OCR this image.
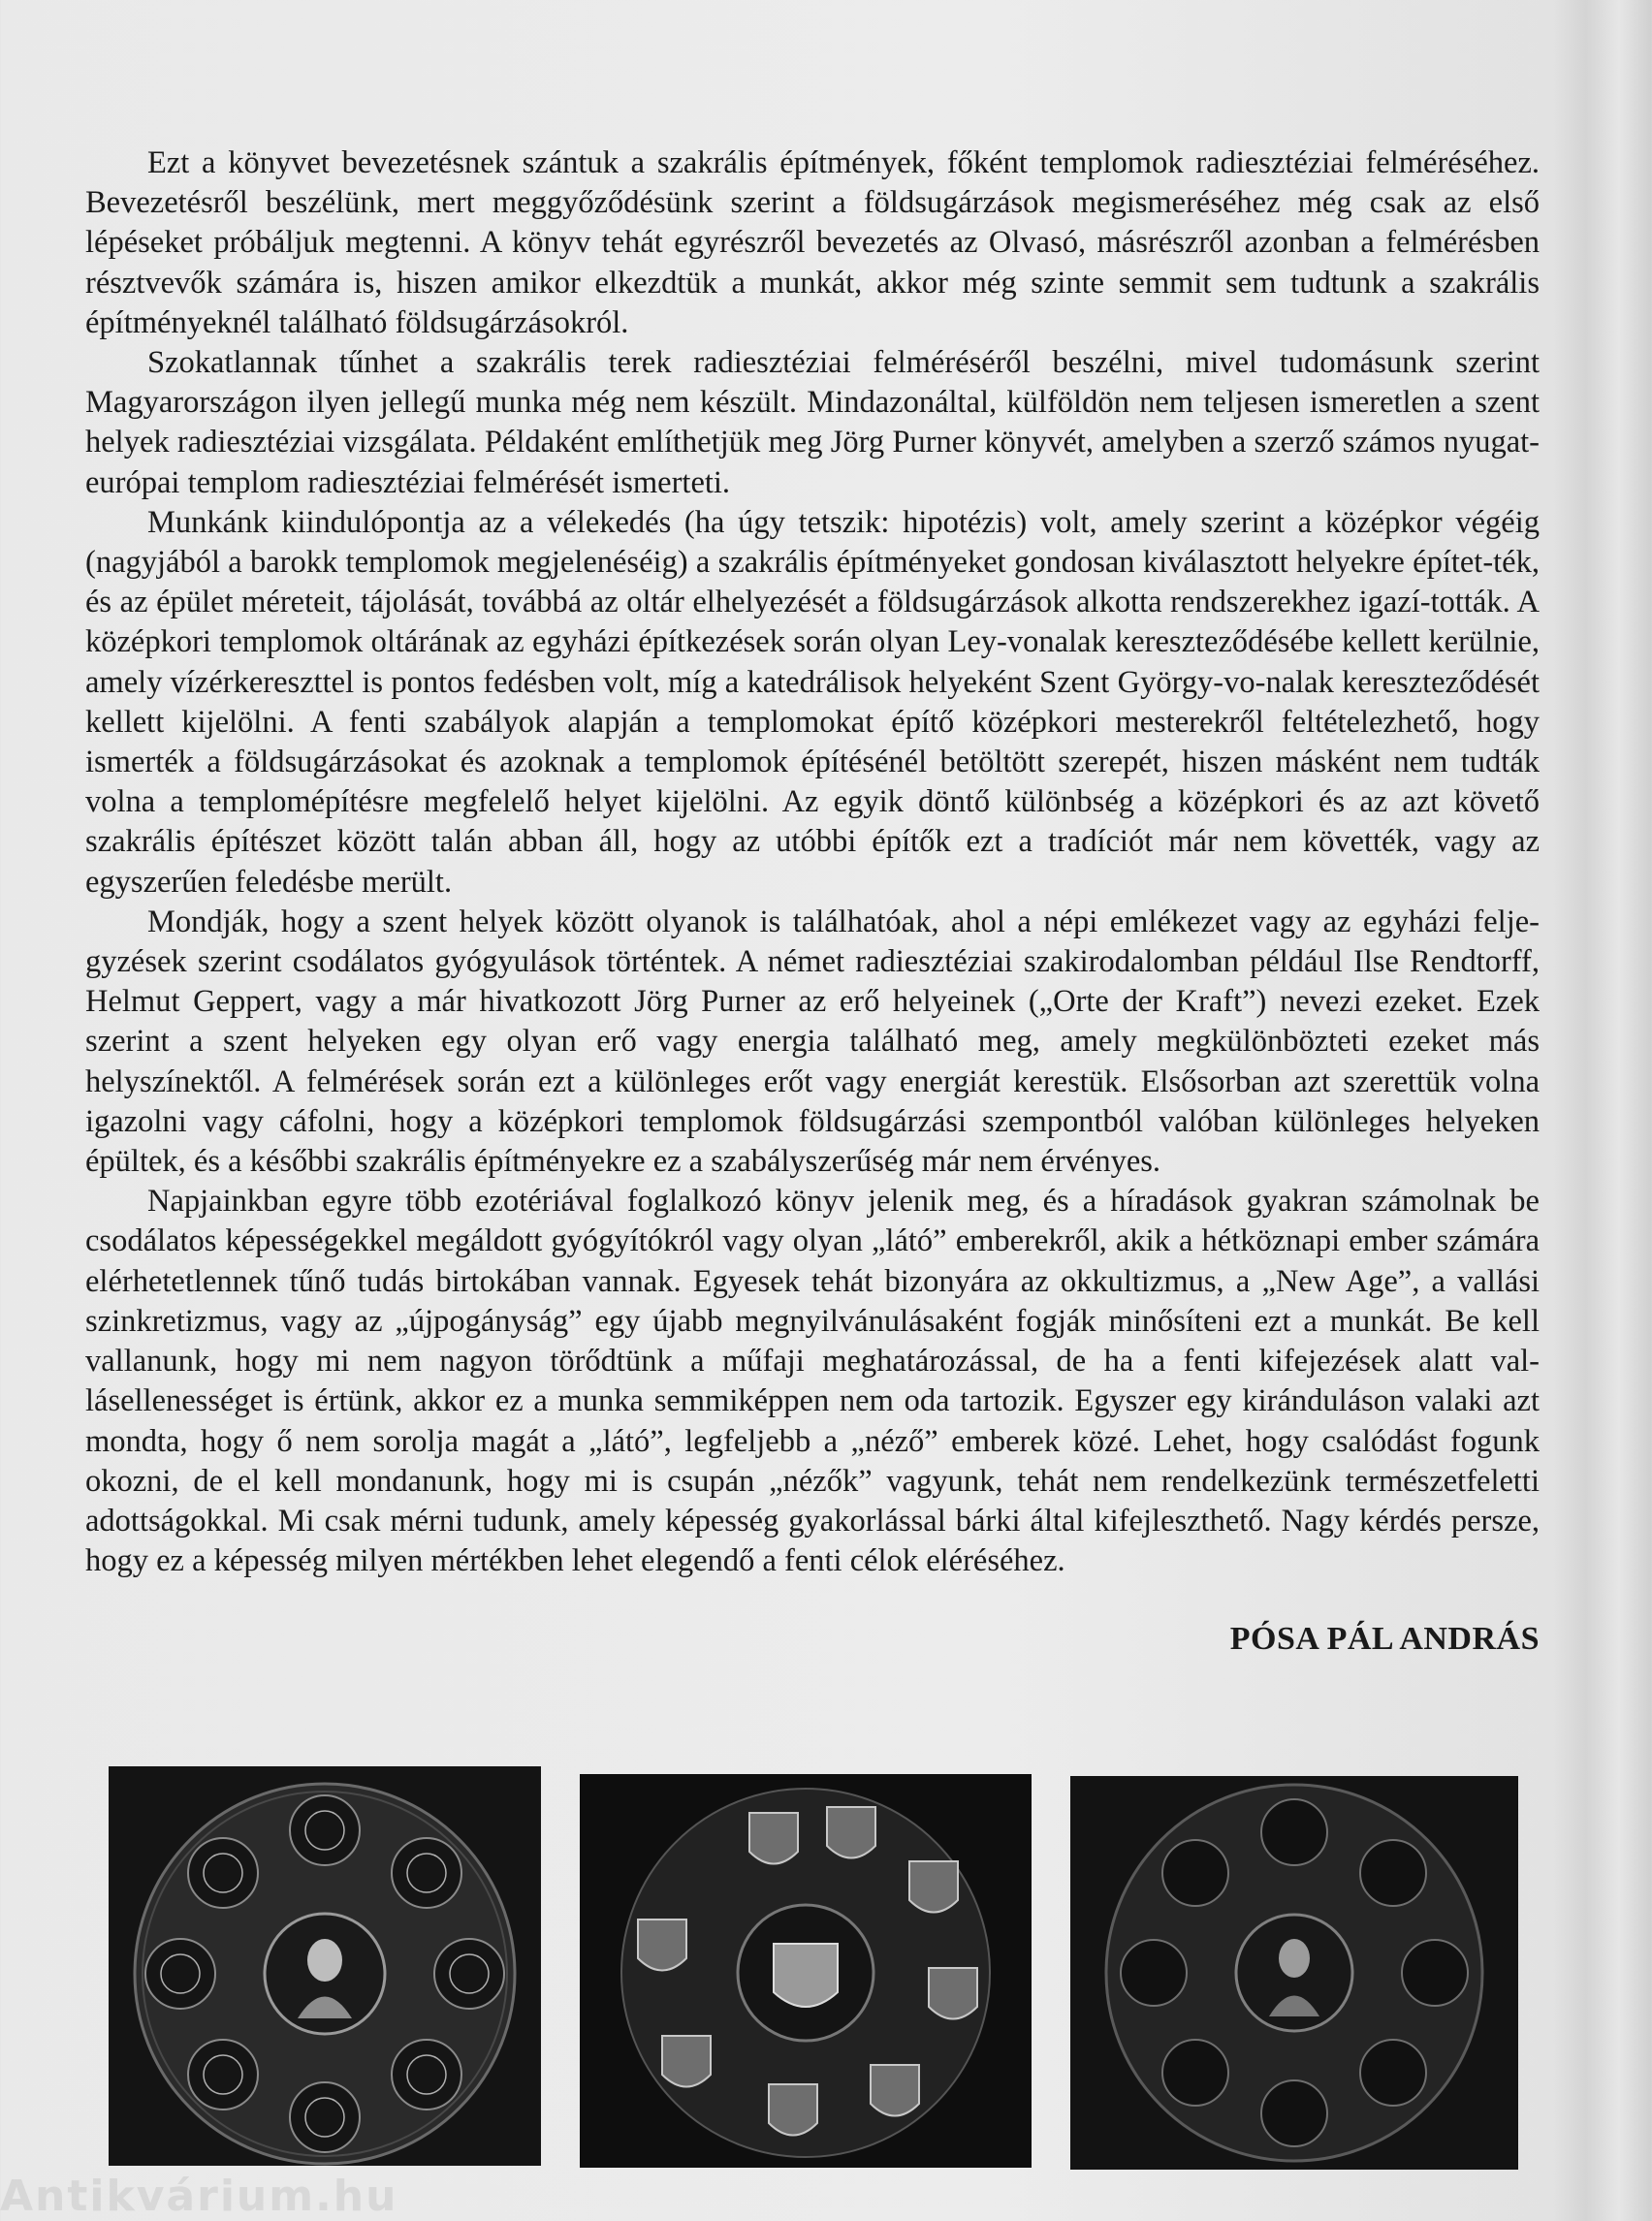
Ezt a könyvet bevezetésnek szántuk a szakrális építmények, főként templomok radiesztéziai felméréséhez. Bevezetésről beszélünk, mert meggyőződésünk szerint a földsugárzások megismeréséhez még csak az első lépéseket próbáljuk megtenni. A könyv tehát egyrészről bevezetés az Olvasó, másrészről azonban a felmérésben résztvevők számára is, hiszen amikor elkezdtük a munkát, akkor még szinte semmit sem tudtunk a szakrális építményeknél található földsugárzásokról.

Szokatlannak tűnhet a szakrális terek radiesztéziai felméréséről beszélni, mivel tudomásunk szerint Magyarországon ilyen jellegű munka még nem készült. Mindazonáltal, külföldön nem teljesen ismeretlen a szent helyek radiesztéziai vizsgálata. Példaként említhetjük meg Jörg Purner könyvét, amelyben a szerző számos nyugat-európai templom radiesztéziai felmérését ismerteti.

Munkánk kiindulópontja az a vélekedés (ha úgy tetszik: hipotézis) volt, amely szerint a középkor végéig (nagyjából a barokk templomok megjelenéséig) a szakrális építményeket gondosan kiválasztott helyekre építet-ték, és az épület méreteit, tájolását, továbbá az oltár elhelyezését a földsugárzások alkotta rendszerekhez igazí-tották. A középkori templomok oltárának az egyházi építkezések során olyan Ley-vonalak kereszteződésébe kellett kerülnie, amely vízérkereszttel is pontos fedésben volt, míg a katedrálisok helyeként Szent György-vo-nalak kereszteződését kellett kijelölni. A fenti szabályok alapján a templomokat építő középkori mesterekről feltételezhető, hogy ismerték a földsugárzásokat és azoknak a templomok építésénél betöltött szerepét, hiszen másként nem tudták volna a templomépítésre megfelelő helyet kijelölni. Az egyik döntő különbség a középkori és az azt követő szakrális építészet között talán abban áll, hogy az utóbbi építők ezt a tradíciót már nem követték, vagy az egyszerűen feledésbe merült.

Mondják, hogy a szent helyek között olyanok is találhatóak, ahol a népi emlékezet vagy az egyházi felje-gyzések szerint csodálatos gyógyulások történtek. A német radiesztéziai szakirodalomban például Ilse Rendtorff, Helmut Geppert, vagy a már hivatkozott Jörg Purner az erő helyeinek („Orte der Kraft”) nevezi ezeket. Ezek szerint a szent helyeken egy olyan erő vagy energia található meg, amely megkülönbözteti ezeket más helyszínektől. A felmérések során ezt a különleges erőt vagy energiát kerestük. Elsősorban azt szerettük volna igazolni vagy cáfolni, hogy a középkori templomok földsugárzási szempontból valóban különleges helyeken épültek, és a későbbi szakrális építményekre ez a szabályszerűség már nem érvényes.

Napjainkban egyre több ezotériával foglalkozó könyv jelenik meg, és a híradások gyakran számolnak be csodálatos képességekkel megáldott gyógyítókról vagy olyan „látó” emberekről, akik a hétköznapi ember számára elérhetetlennek tűnő tudás birtokában vannak. Egyesek tehát bizonyára az okkultizmus, a „New Age”, a vallási szinkretizmus, vagy az „újpogányság” egy újabb megnyilvánulásaként fogják minősíteni ezt a munkát. Be kell vallanunk, hogy mi nem nagyon törődtünk a műfaji meghatározással, de ha a fenti kifejezések alatt val-lásellenességet is értünk, akkor ez a munka semmiképpen nem oda tartozik. Egyszer egy kiránduláson valaki azt mondta, hogy ő nem sorolja magát a „látó”, legfeljebb a „néző” emberek közé. Lehet, hogy csalódást fogunk okozni, de el kell mondanunk, hogy mi is csupán „nézők” vagyunk, tehát nem rendelkezünk természetfeletti adottságokkal. Mi csak mérni tudunk, amely képesség gyakorlással bárki által kifejleszthető. Nagy kérdés persze, hogy ez a képesség milyen mértékben lehet elegendő a fenti célok eléréséhez.

PÓSA PÁL ANDRÁS
Antikvárium.hu
